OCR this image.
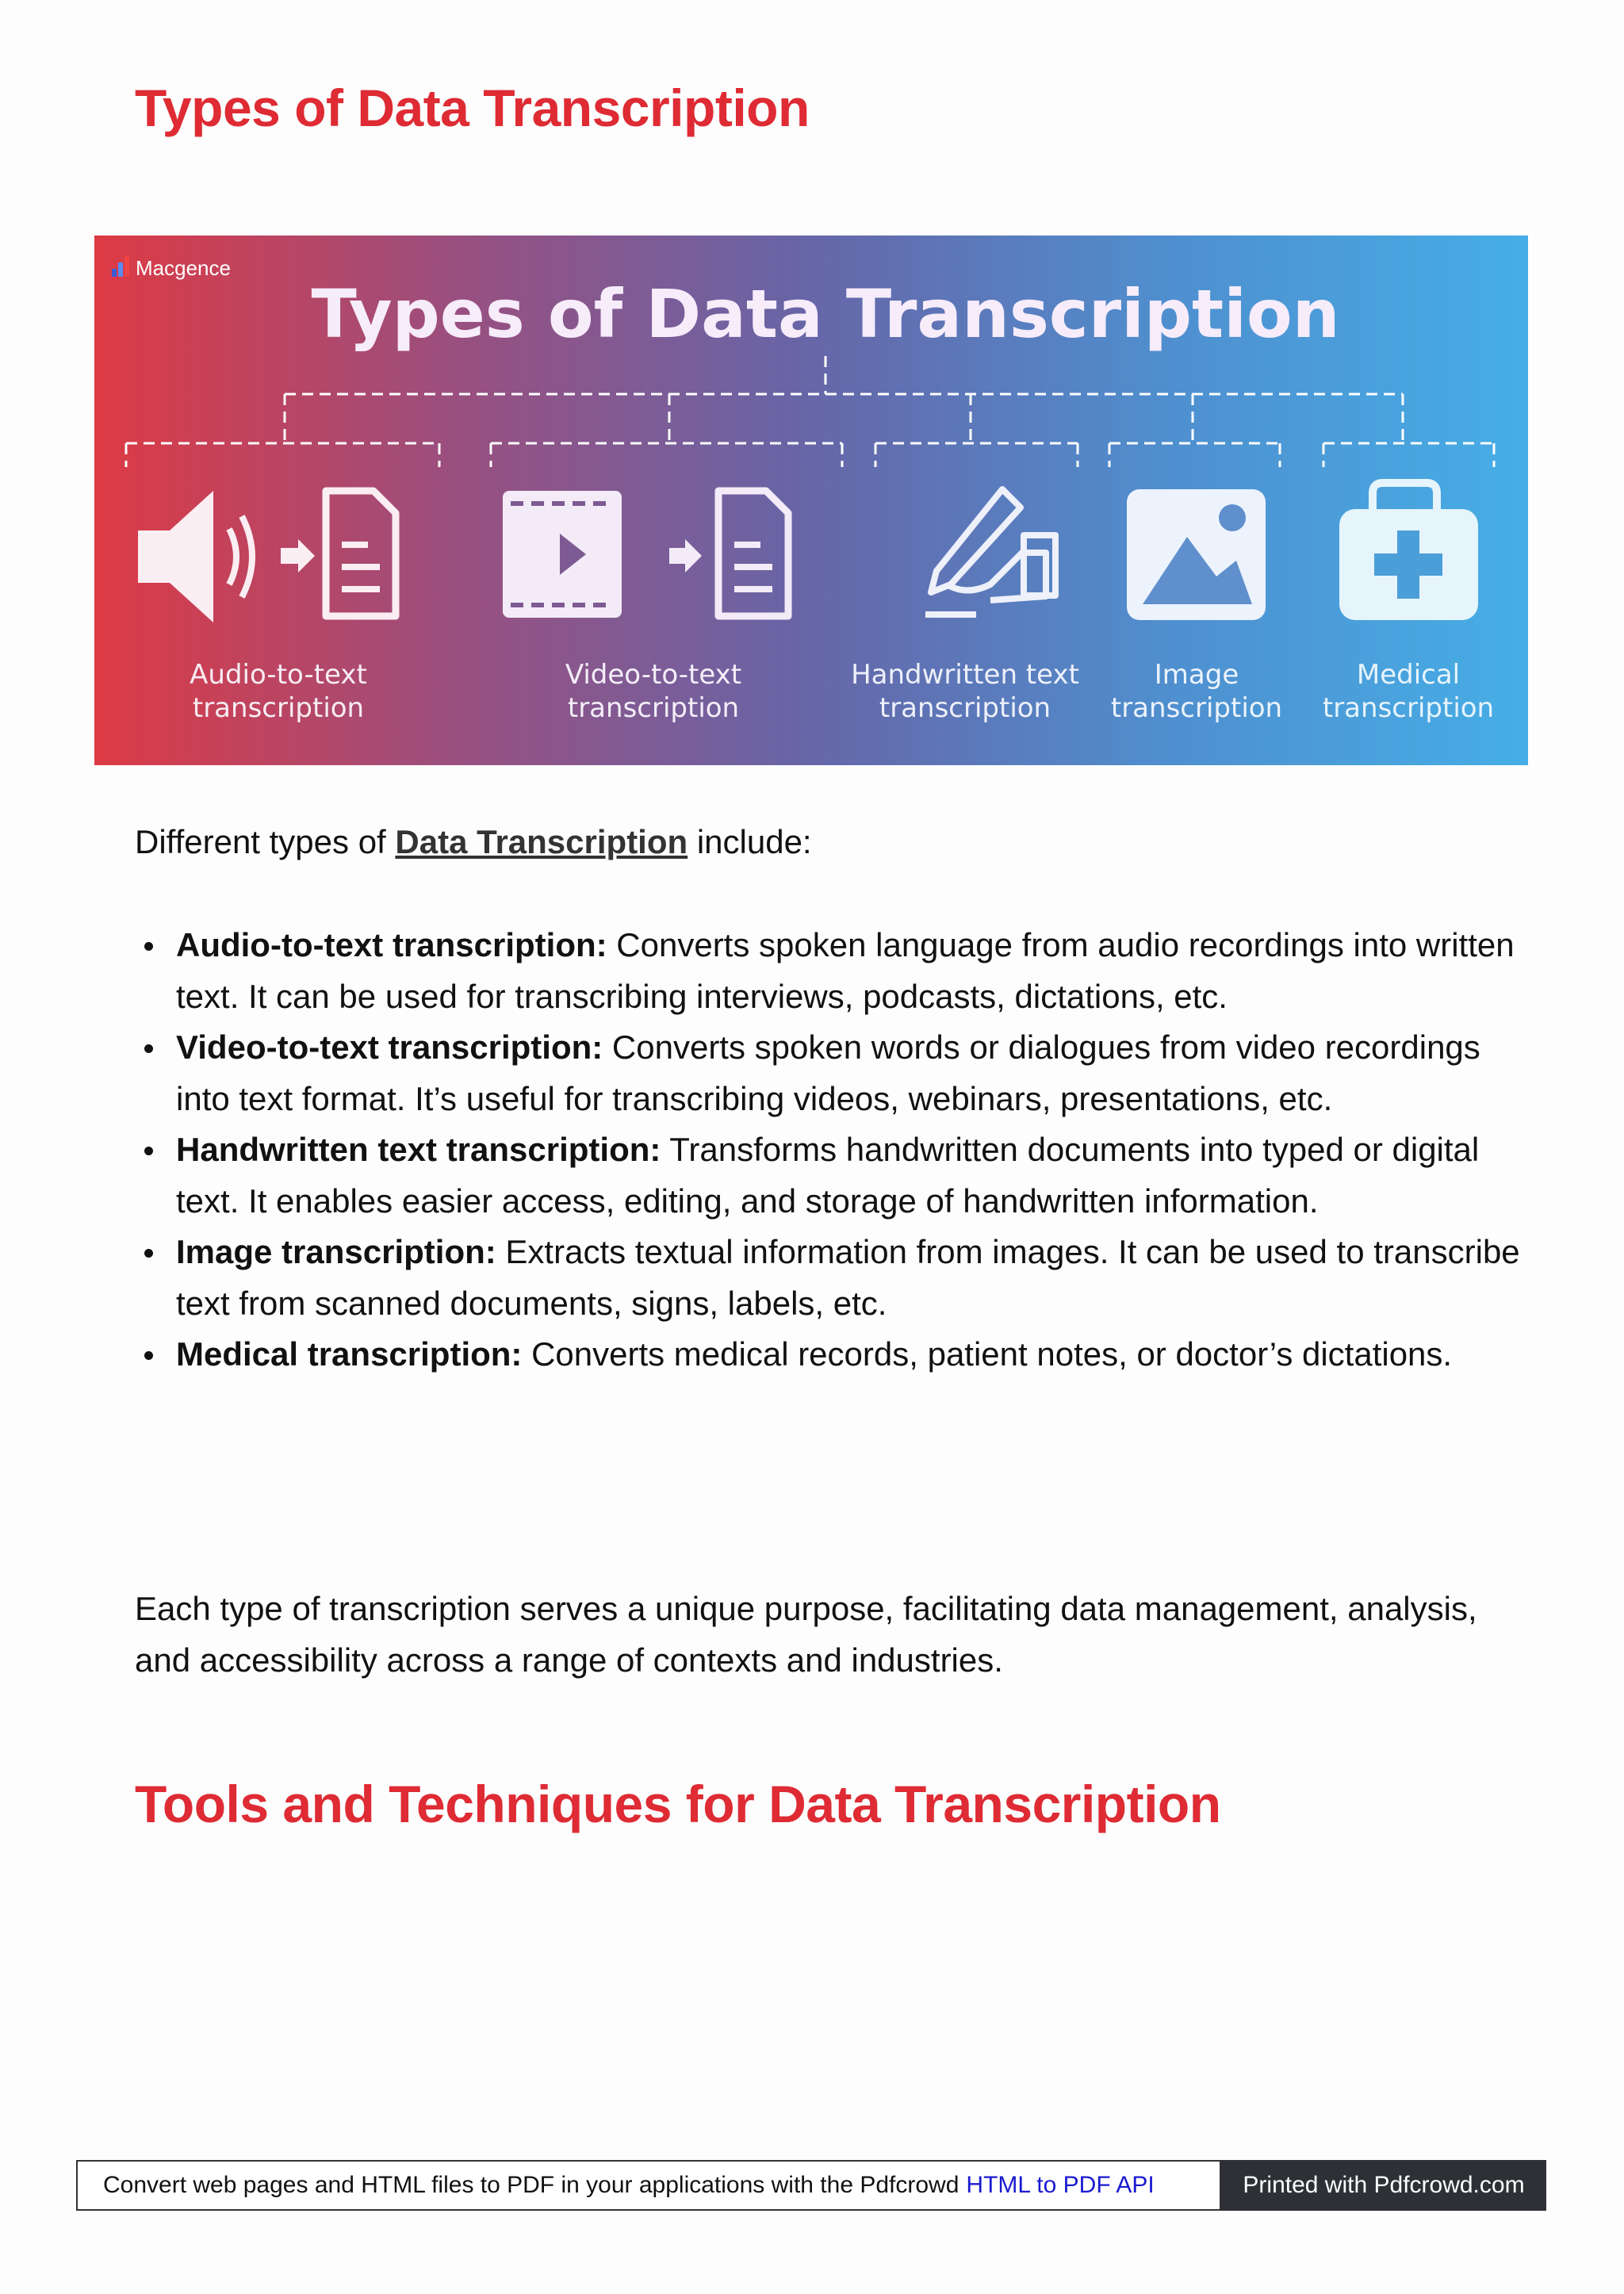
Types of Data Transcription
Macgence
Types of Data Transcription
Audio-to-text
transcription
Video-to-text
transcription
Handwritten text
transcription
Image
transcription
Medical
transcription

Different types of Data Transcription include:

Audio-to-text transcription: Converts spoken language from audio recordings into written text. It can be used for transcribing interviews, podcasts, dictations, etc.
Video-to-text transcription: Converts spoken words or dialogues from video recordings into text format. It’s useful for transcribing videos, webinars, presentations, etc.
Handwritten text transcription: Transforms handwritten documents into typed or digital text. It enables easier access, editing, and storage of handwritten information.
Image transcription: Extracts textual information from images. It can be used to transcribe text from scanned documents, signs, labels, etc.
Medical transcription: Converts medical records, patient notes, or doctor’s dictations.

Each type of transcription serves a unique purpose, facilitating data management, analysis, and accessibility across a range of contexts and industries.

Tools and Techniques for Data Transcription
Convert web pages and HTML files to PDF in your applications with the Pdfcrowd HTML to PDF API	Printed with Pdfcrowd.com
